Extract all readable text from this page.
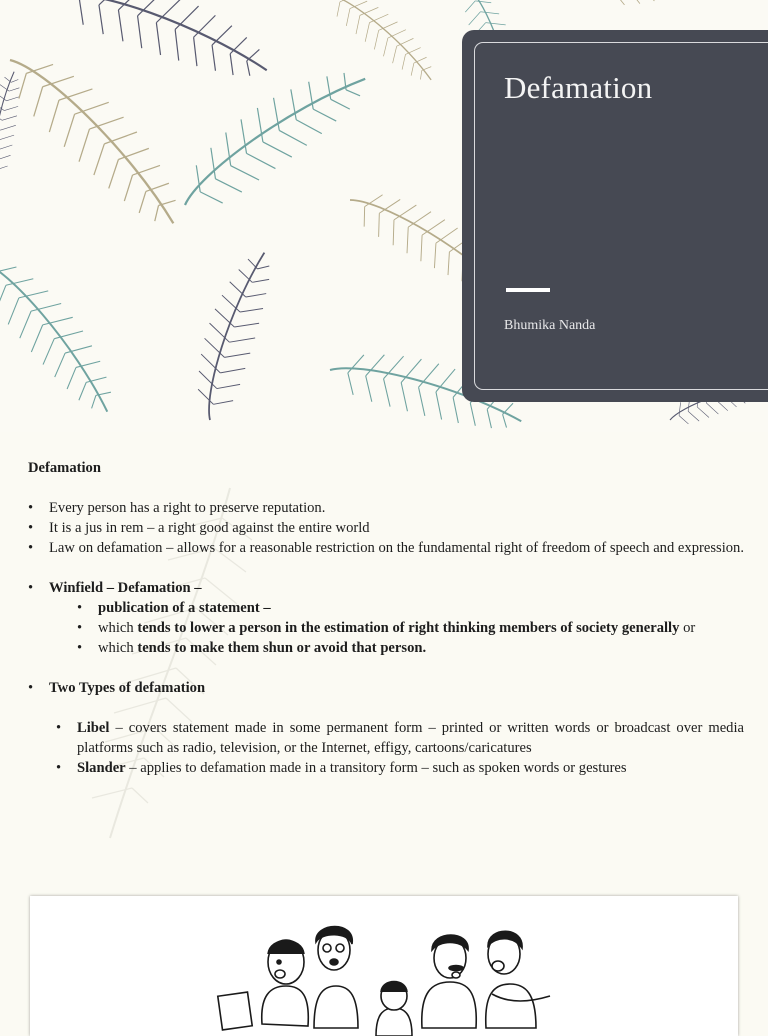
Defamation
Bhumika Nanda
Defamation
• Every person has a right to preserve reputation.
• It is a jus in rem – a right good against the entire world
• Law on defamation – allows for a reasonable restriction on the fundamental right of freedom of speech and expression.
• Winfield – Defamation –
• publication of a statement –
• which tends to lower a person in the estimation of right thinking members of society generally or
• which tends to make them shun or avoid that person.
• Two Types of defamation
• Libel – covers statement made in some permanent form – printed or written words or broadcast over media platforms such as radio, television, or the Internet, effigy, cartoons/caricatures
• Slander – applies to defamation made in a transitory form – such as spoken words or gestures
